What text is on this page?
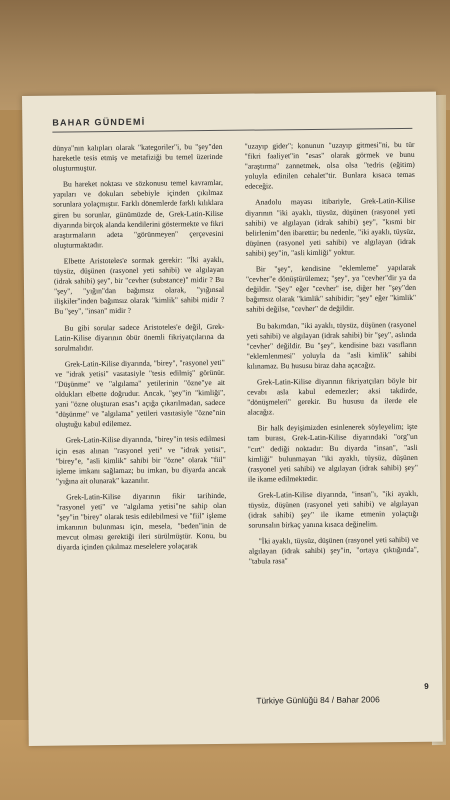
BAHAR GÜNDEMİ

dünya"nın kalıpları olarak "kategoriler"i, bu "şey"den hareketle tesis etmiş ve metafiziği bu temel üzerinde oluşturmuştur.

Bu hareket noktası ve sözkonusu temel kavramlar, yapıları ve dokuları sebebiyle içinden çıkılmaz sorunlara yolaçmıştır. Farklı dönemlerde farklı kılıklara giren bu sorunlar, günümüzde de, Grek-Latin-Kilise diyarında birçok alanda kendilerini göstermekte ve fikri araştırmaların adeta "görünmeyen" çerçevesini oluşturmaktadır.

Elbette Aristoteles'e sormak gerekir: "İki ayaklı, tüysüz, düşünen (rasyonel yeti sahibi) ve algılayan (idrak sahibi) şey", bir "cevher (substance)" midir ? Bu "şey", "yığın"dan bağımsız olarak, "yığınsal ilişkiler"inden bağımsız olarak "kimlik" sahibi midir ? Bu "şey", "insan" midir ?

Bu gibi sorular sadece Aristoteles'e değil, Grek-Latin-Kilise diyarının öbür önemli fikriyatçılarına da sorulmalıdır.

Grek-Latin-Kilise diyarında, "birey", "rasyonel yeti" ve "idrak yetisi" vasıtasiyle "tesis edilmiş" görünür. "Düşünme" ve "algılama" yetilerinin "özne"ye ait oldukları elbette doğrudur. Ancak, "şey"in "kimliği", yani "özne oluşturan esas"ı açığa çıkarılmadan, sadece "düşünme" ve "algılama" yetileri vasıtasiyle "özne"nin oluştuğu kabul edilemez.

Grek-Latin-Kilise diyarında, "birey"in tesis edilmesi için esas alınan "rasyonel yeti" ve "idrak yetisi", "birey"e, "asli kimlik" sahibi bir "özne" olarak "fiil" işleme imkanı sağlamaz; bu imkan, bu diyarda ancak "yığına ait olunarak" kazanılır.

Grek-Latin-Kilise diyarının fikir tarihinde, "rasyonel yeti" ve "algılama yetisi"ne sahip olan "şey"in "birey" olarak tesis edilebilmesi ve "fiil" işleme imkanının bulunması için, mesela, "beden"inin de mevcut olması gerektiği ileri sürülmüştür. Konu, bu diyarda içinden çıkılmaz meselelere yolaçarak

"uzayıp gider"; konunun "uzayıp gitmesi"ni, bu tür "fikri faaliyet"in "esas" olarak görmek ve bunu "araştırma" zannetmek, olsa olsa "tedris (eğitim) yoluyla edinilen cehalet"tir. Bunlara kısaca temas edeceğiz.

Anadolu mayası itibariyle, Grek-Latin-Kilise diyarının "iki ayaklı, tüysüz, düşünen (rasyonel yeti sahibi) ve algılayan (idrak sahibi) şey", "kısmi bir belirlenim"den ibarettir; bu nedenle, "iki ayaklı, tüysüz, düşünen (rasyonel yeti sahibi) ve algılayan (idrak sahibi) şey"in, "asli kimliği" yoktur.

Bir "şey", kendisine "eklemleme" yapılarak "cevher"e dönüştürülemez; "şey", ya "cevher"dir ya da değildir. "Şey" eğer "cevher" ise, diğer her "şey"den bağımsız olarak "kimlik" sahibidir; "şey" eğer "kimlik" sahibi değilse, "cevher" de değildir.

Bu bakımdan, "iki ayaklı, tüysüz, düşünen (rasyonel yeti sahibi) ve algılayan (idrak sahibi) bir "şey", aslında "cevher" değildir. Bu "şey", kendisine bazı vasıfların "eklemlenmesi" yoluyla da "asli kimlik" sahibi kılınamaz. Bu hususu biraz daha açacağız.

Grek-Latin-Kilise diyarının fikriyatçıları böyle bir cevabı asla kabul edemezler; aksi takdirde, "dönüşmeleri" gerekir. Bu hususu da ilerde ele alacağız.

Bir halk deyişimizden esinlenerek söyleyelim; işte tam burası, Grek-Latin-Kilise diyarındaki "org"un "cırt" dediği noktadır: Bu diyarda "insan", "asli kimliği" bulunmayan "iki ayaklı, tüysüz, düşünen (rasyonel yeti sahibi) ve algılayan (idrak sahibi) şey" ile ikame edilmektedir.

Grek-Latin-Kilise diyarında, "insan"ı, "iki ayaklı, tüysüz, düşünen (rasyonel yeti sahibi) ve algılayan (idrak sahibi) şey" ile ikame etmenin yolaçtığı sorunsalın birkaç yanına kısaca değinelim.

"İki ayaklı, tüysüz, düşünen (rasyonel yeti sahibi) ve algılayan (idrak sahibi) şey"in, "ortaya çıktığında", "tabula rasa"

9
Türkiye Günlüğü 84 / Bahar 2006
